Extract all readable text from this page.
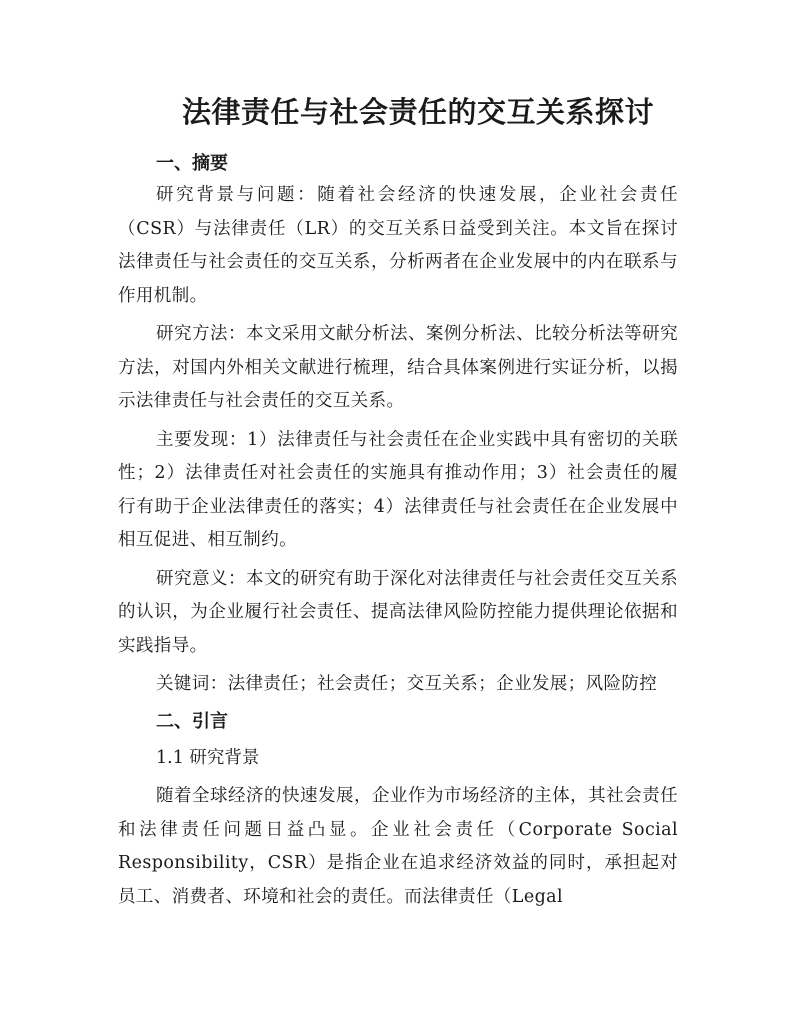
法律责任与社会责任的交互关系探讨
一、摘要

研究背景与问题：随着社会经济的快速发展，企业社会责任（CSR）与法律责任（LR）的交互关系日益受到关注。本文旨在探讨法律责任与社会责任的交互关系，分析两者在企业发展中的内在联系与作用机制。

研究方法：本文采用文献分析法、案例分析法、比较分析法等研究方法，对国内外相关文献进行梳理，结合具体案例进行实证分析，以揭示法律责任与社会责任的交互关系。

主要发现：1）法律责任与社会责任在企业实践中具有密切的关联性；2）法律责任对社会责任的实施具有推动作用；3）社会责任的履行有助于企业法律责任的落实；4）法律责任与社会责任在企业发展中相互促进、相互制约。

研究意义：本文的研究有助于深化对法律责任与社会责任交互关系的认识，为企业履行社会责任、提高法律风险防控能力提供理论依据和实践指导。

关键词：法律责任；社会责任；交互关系；企业发展；风险防控

二、引言

1.1 研究背景

随着全球经济的快速发展，企业作为市场经济的主体，其社会责任和法律责任问题日益凸显。企业社会责任（Corporate Social Responsibility，CSR）是指企业在追求经济效益的同时，承担起对员工、消费者、环境和社会的责任。而法律责任（Legal
